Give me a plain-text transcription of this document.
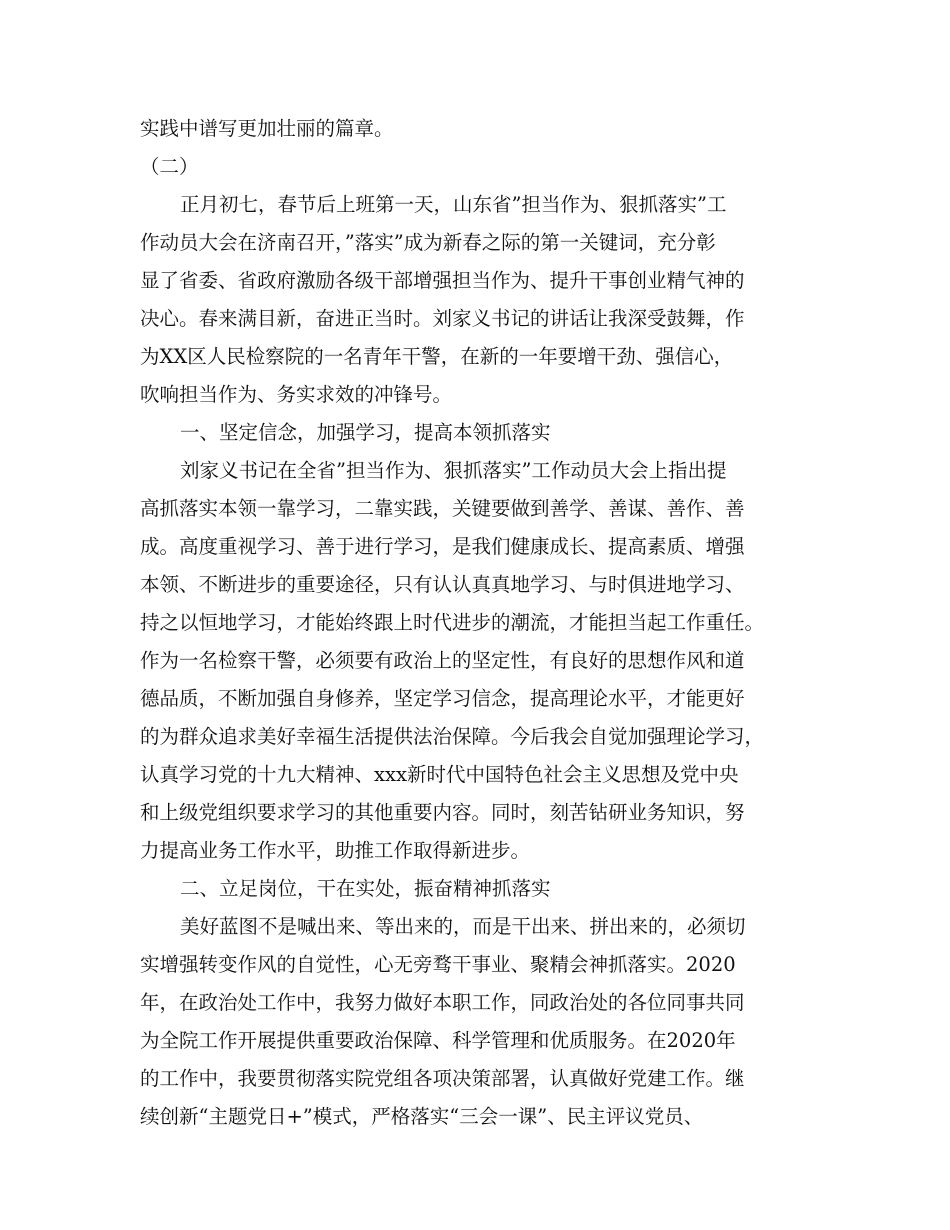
实践中谱写更加壮丽的篇章。
（二）
正月初七，春节后上班第一天，山东省”担当作为、狠抓落实”工
作动员大会在济南召开，”落实”成为新春之际的第一关键词，充分彰
显了省委、省政府激励各级干部增强担当作为、提升干事创业精气神的
决心。春来满目新，奋进正当时。刘家义书记的讲话让我深受鼓舞，作
为XX区人民检察院的一名青年干警，在新的一年要增干劲、强信心，
吹响担当作为、务实求效的冲锋号。
一、坚定信念，加强学习，提高本领抓落实
刘家义书记在全省”担当作为、狠抓落实”工作动员大会上指出提
高抓落实本领一靠学习，二靠实践，关键要做到善学、善谋、善作、善
成。高度重视学习、善于进行学习，是我们健康成长、提高素质、增强
本领、不断进步的重要途径，只有认认真真地学习、与时俱进地学习、
持之以恒地学习，才能始终跟上时代进步的潮流，才能担当起工作重任。
作为一名检察干警，必须要有政治上的坚定性，有良好的思想作风和道
德品质，不断加强自身修养，坚定学习信念，提高理论水平，才能更好
的为群众追求美好幸福生活提供法治保障。今后我会自觉加强理论学习，
认真学习党的十九大精神、xxx新时代中国特色社会主义思想及党中央
和上级党组织要求学习的其他重要内容。同时，刻苦钻研业务知识，努
力提高业务工作水平，助推工作取得新进步。
二、立足岗位，干在实处，振奋精神抓落实
美好蓝图不是喊出来、等出来的，而是干出来、拼出来的，必须切
实增强转变作风的自觉性，心无旁骛干事业、聚精会神抓落实。2020
年，在政治处工作中，我努力做好本职工作，同政治处的各位同事共同
为全院工作开展提供重要政治保障、科学管理和优质服务。在2020年
的工作中，我要贯彻落实院党组各项决策部署，认真做好党建工作。继
续创新“主题党日+”模式，严格落实“三会一课”、民主评议党员、
